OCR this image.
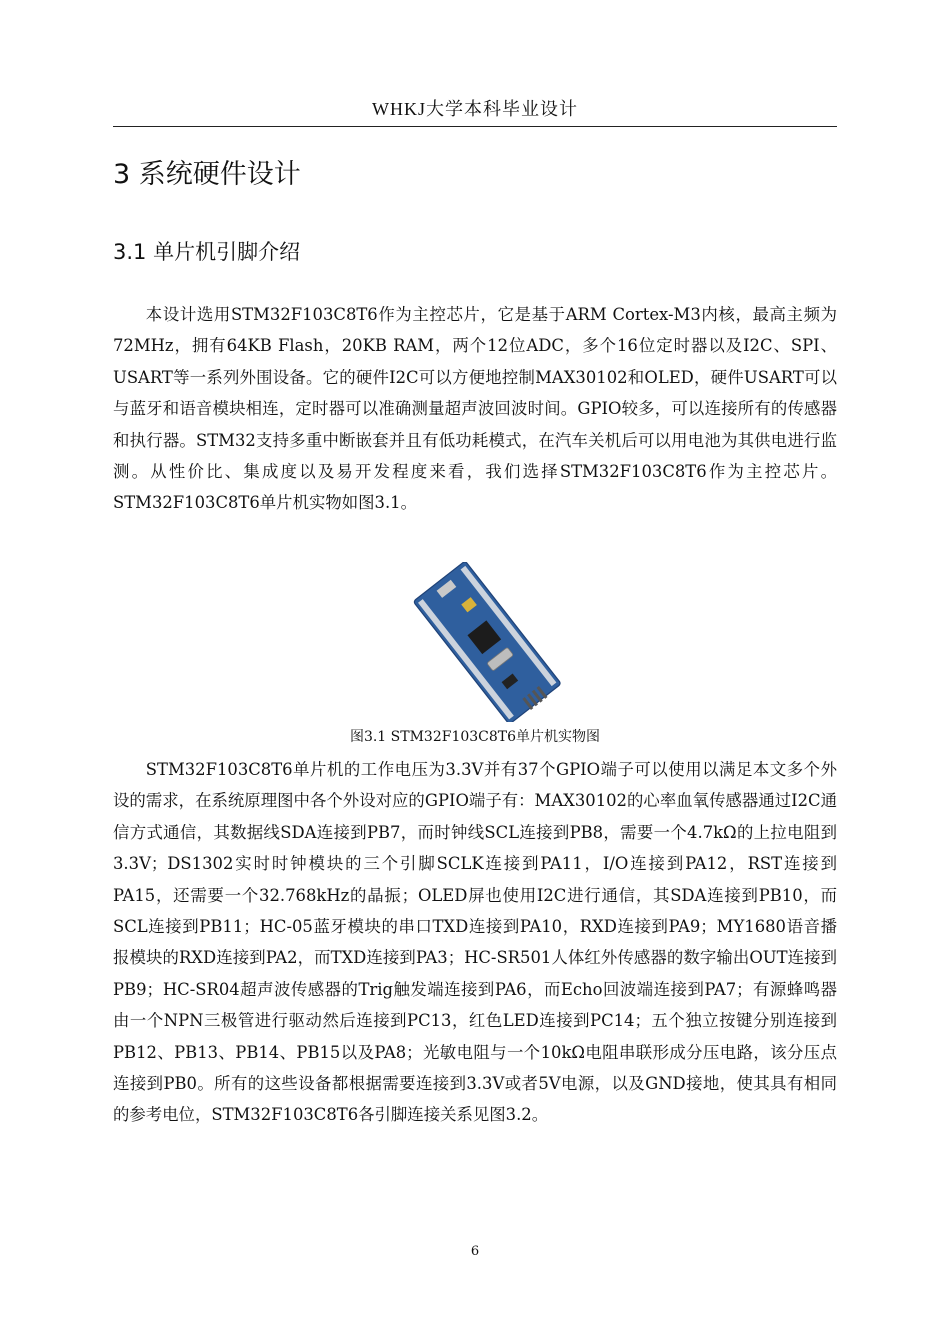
WHKJ大学本科毕业设计
3 系统硬件设计
3.1 单片机引脚介绍

本设计选用STM32F103C8T6作为主控芯片，它是基于ARM Cortex-M3内核，最高主频为72MHz，拥有64KB Flash，20KB RAM，两个12位ADC，多个16位定时器以及I2C、SPI、USART等一系列外围设备。它的硬件I2C可以方便地控制MAX30102和OLED，硬件USART可以与蓝牙和语音模块相连，定时器可以准确测量超声波回波时间。GPIO较多，可以连接所有的传感器和执行器。STM32支持多重中断嵌套并且有低功耗模式，在汽车关机后可以用电池为其供电进行监测。从性价比、集成度以及易开发程度来看，我们选择STM32F103C8T6作为主控芯片。STM32F103C8T6单片机实物如图3.1。

图3.1 STM32F103C8T6单片机实物图

STM32F103C8T6单片机的工作电压为3.3V并有37个GPIO端子可以使用以满足本文多个外设的需求，在系统原理图中各个外设对应的GPIO端子有：MAX30102的心率血氧传感器通过I2C通信方式通信，其数据线SDA连接到PB7，而时钟线SCL连接到PB8，需要一个4.7kΩ的上拉电阻到3.3V；DS1302实时时钟模块的三个引脚SCLK连接到PA11，I/O连接到PA12，RST连接到PA15，还需要一个32.768kHz的晶振；OLED屏也使用I2C进行通信，其SDA连接到PB10，而SCL连接到PB11；HC-05蓝牙模块的串口TXD连接到PA10，RXD连接到PA9；MY1680语音播报模块的RXD连接到PA2，而TXD连接到PA3；HC-SR501人体红外传感器的数字输出OUT连接到PB9；HC-SR04超声波传感器的Trig触发端连接到PA6，而Echo回波端连接到PA7；有源蜂鸣器由一个NPN三极管进行驱动然后连接到PC13，红色LED连接到PC14；五个独立按键分别连接到PB12、PB13、PB14、PB15以及PA8；光敏电阻与一个10kΩ电阻串联形成分压电路，该分压点连接到PB0。所有的这些设备都根据需要连接到3.3V或者5V电源，以及GND接地，使其具有相同的参考电位，STM32F103C8T6各引脚连接关系见图3.2。

6
